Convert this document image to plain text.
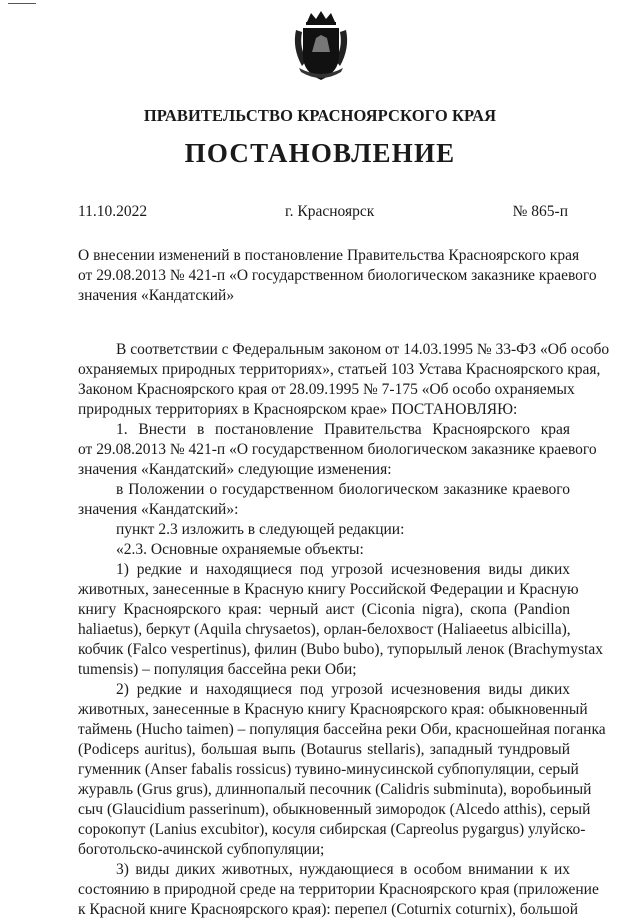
ПРАВИТЕЛЬСТВО КРАСНОЯРСКОГО КРАЯ
ПОСТАНОВЛЕНИЕ
11.10.2022	г. Красноярск	№ 865-п
О внесении изменений в постановление Правительства Красноярского края
от 29.08.2013 № 421-п «О государственном биологическом заказнике краевого
значения «Кандатский»
В соответствии с Федеральным законом от 14.03.1995 № 33-ФЗ «Об особо
охраняемых природных территориях», статьей 103 Устава Красноярского края,
Законом Красноярского края от 28.09.1995 № 7-175 «Об особо охраняемых
природных территориях в Красноярском крае» ПОСТАНОВЛЯЮ:
1. Внести в постановление Правительства Красноярского края
от 29.08.2013 № 421-п «О государственном биологическом заказнике краевого
значения «Кандатский» следующие изменения:
в Положении о государственном биологическом заказнике краевого
значения «Кандатский»:
пункт 2.3 изложить в следующей редакции:
«2.3. Основные охраняемые объекты:
1) редкие и находящиеся под угрозой исчезновения виды диких
животных, занесенные в Красную книгу Российской Федерации и Красную
книгу Красноярского края: черный аист (Ciconia nigra), скопа (Pandion
haliaetus), беркут (Aquila chrysaetos), орлан-белохвост (Haliaeetus albicilla),
кобчик (Falco vespertinus), филин (Bubo bubo), тупорылый ленок (Brachymystax
tumensis) – популяция бассейна реки Оби;
2) редкие и находящиеся под угрозой исчезновения виды диких
животных, занесенные в Красную книгу Красноярского края: обыкновенный
таймень (Hucho taimen) – популяция бассейна реки Оби, красношейная поганка
(Podiceps auritus), большая выпь (Botaurus stellaris), западный тундровый
гуменник (Anser fabalis rossicus) тувино-минусинской субпопуляции, серый
журавль (Grus grus), длиннопалый песочник (Calidris subminuta), воробьиный
сыч (Glaucidium passerinum), обыкновенный зимородок (Alcedo atthis), серый
сорокопут (Lanius excubitor), косуля сибирская (Capreolus pygargus) улуйско-
боготольско-ачинской субпопуляции;
3) виды диких животных, нуждающиеся в особом внимании к их
состоянию в природной среде на территории Красноярского края (приложение
к Красной книге Красноярского края): перепел (Coturnix coturnix), большой
